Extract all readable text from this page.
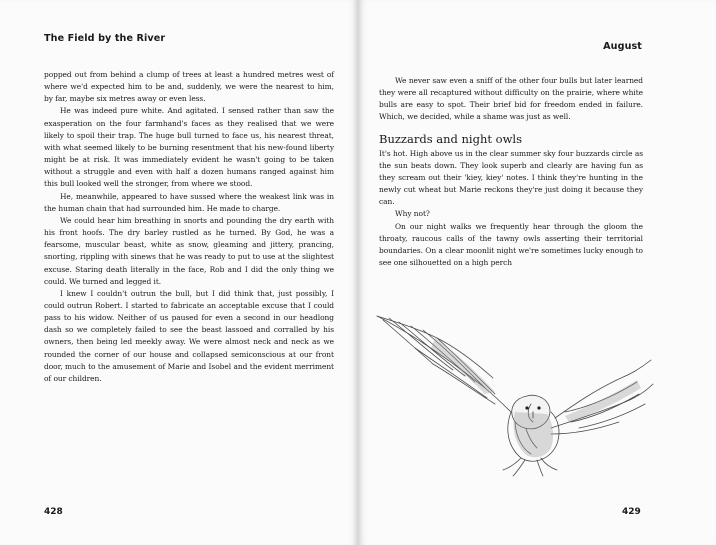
The Field by the River

popped out from behind a clump of trees at least a hundred metres west of where we'd expected him to be and, suddenly, we were the nearest to him, by far, maybe six metres away or even less.

He was indeed pure white. And agitated. I sensed rather than saw the exasperation on the four farmhand's faces as they realised that we were likely to spoil their trap. The huge bull turned to face us, his nearest threat, with what seemed likely to be burning resentment that his new-found liberty might be at risk. It was immediately evident he wasn't going to be taken without a struggle and even with half a dozen humans ranged against him this bull looked well the stronger, from where we stood.

He, meanwhile, appeared to have sussed where the weakest link was in the human chain that had surrounded him. He made to charge.

We could hear him breathing in snorts and pounding the dry earth with his front hoofs. The dry barley rustled as he turned. By God, he was a fearsome, muscular beast, white as snow, gleaming and jittery, prancing, snorting, rippling with sinews that he was ready to put to use at the slightest excuse. Staring death literally in the face, Rob and I did the only thing we could. We turned and legged it.

I knew I couldn't outrun the bull, but I did think that, just possibly, I could outrun Robert. I started to fabricate an acceptable excuse that I could pass to his widow. Neither of us paused for even a second in our headlong dash so we completely failed to see the beast lassoed and corralled by his owners, then being led meekly away. We were almost neck and neck as we rounded the corner of our house and collapsed semiconscious at our front door, much to the amusement of Marie and Isobel and the evident merriment of our children.

428
August

We never saw even a sniff of the other four bulls but later learned they were all recaptured without difficulty on the prairie, where white bulls are easy to spot. Their brief bid for freedom ended in failure. Which, we decided, while a shame was just as well.

Buzzards and night owls

It's hot. High above us in the clear summer sky four buzzards circle as the sun beats down. They look superb and clearly are having fun as they scream out their 'kiey, kiey' notes. I think they're hunting in the newly cut wheat but Marie reckons they're just doing it because they can.

Why not?

On our night walks we frequently hear through the gloom the throaty, raucous calls of the tawny owls asserting their territorial boundaries. On a clear moonlit night we're sometimes lucky enough to see one silhouetted on a high perch

429
